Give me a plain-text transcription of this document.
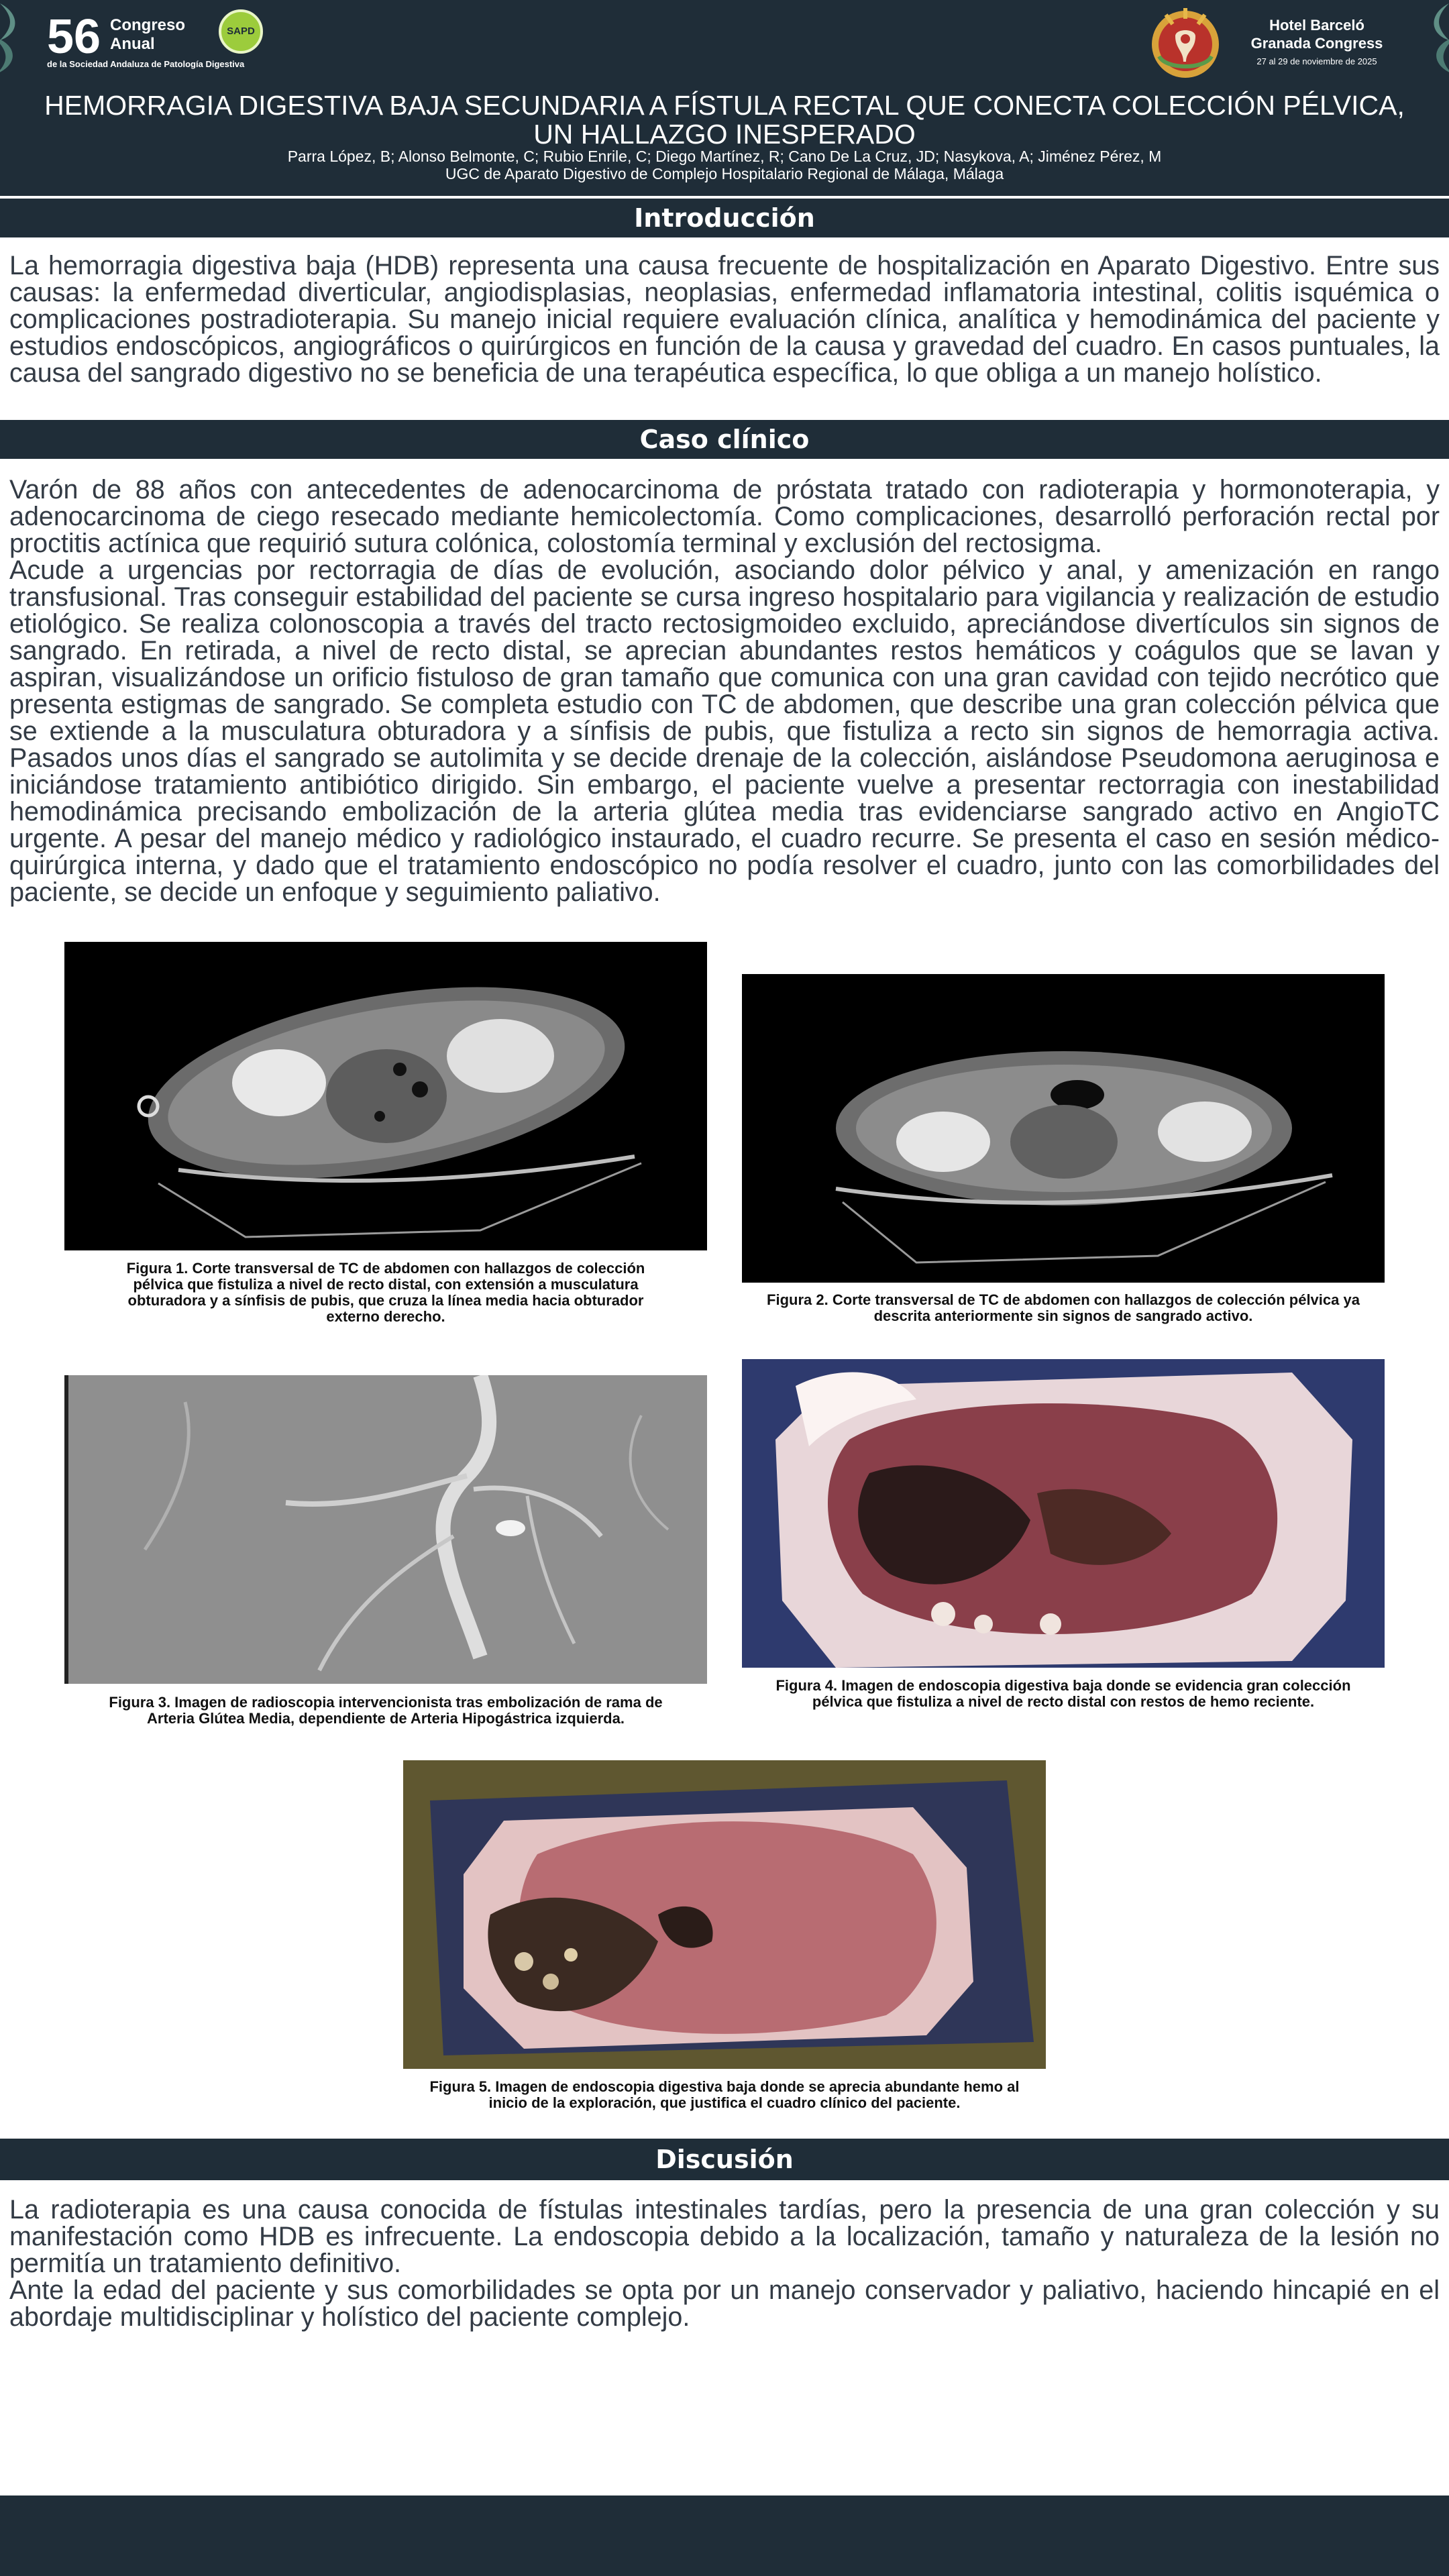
56 Congreso
Anual
de la Sociedad Andaluza de Patología Digestiva
SAPD	Hotel Barceló
Granada Congress
27 al 29 de noviembre de 2025
HEMORRAGIA DIGESTIVA BAJA SECUNDARIA A FÍSTULA RECTAL QUE CONECTA COLECCIÓN PÉLVICA, UN HALLAZGO INESPERADO
Parra López, B; Alonso Belmonte, C; Rubio Enrile, C; Diego Martínez, R; Cano De La Cruz, JD; Nasykova, A; Jiménez Pérez, M
UGC de Aparato Digestivo de Complejo Hospitalario Regional de Málaga, Málaga
Introducción

La hemorragia digestiva baja (HDB) representa una causa frecuente de hospitalización en Aparato Digestivo. Entre sus causas: la enfermedad diverticular, angiodisplasias, neoplasias, enfermedad inflamatoria intestinal, colitis isquémica o complicaciones postradioterapia. Su manejo inicial requiere evaluación clínica, analítica y hemodinámica del paciente y estudios endoscópicos, angiográficos o quirúrgicos en función de la causa y gravedad del cuadro. En casos puntuales, la causa del sangrado digestivo no se beneficia de una terapéutica específica, lo que obliga a un manejo holístico.

Caso clínico

Varón de 88 años con antecedentes de adenocarcinoma de próstata tratado con radioterapia y hormonoterapia, y adenocarcinoma de ciego resecado mediante hemicolectomía. Como complicaciones, desarrolló perforación rectal por proctitis actínica que requirió sutura colónica, colostomía terminal y exclusión del rectosigma.

Acude a urgencias por rectorragia de días de evolución, asociando dolor pélvico y anal, y amenización en rango transfusional. Tras conseguir estabilidad del paciente se cursa ingreso hospitalario para vigilancia y realización de estudio etiológico. Se realiza colonoscopia a través del tracto rectosigmoideo excluido, apreciándose divertículos sin signos de sangrado. En retirada, a nivel de recto distal, se aprecian abundantes restos hemáticos y coágulos que se lavan y aspiran, visualizándose un orificio fistuloso de gran tamaño que comunica con una gran cavidad con tejido necrótico que presenta estigmas de sangrado. Se completa estudio con TC de abdomen, que describe una gran colección pélvica que se extiende a la musculatura obturadora y a sínfisis de pubis, que fistuliza a recto sin signos de hemorragia activa. Pasados unos días el sangrado se autolimita y se decide drenaje de la colección, aislándose Pseudomona aeruginosa e iniciándose tratamiento antibiótico dirigido. Sin embargo, el paciente vuelve a presentar rectorragia con inestabilidad hemodinámica precisando embolización de la arteria glútea media tras evidenciarse sangrado activo en AngioTC urgente. A pesar del manejo médico y radiológico instaurado, el cuadro recurre. Se presenta el caso en sesión médico-quirúrgica interna, y dado que el tratamiento endoscópico no podía resolver el cuadro, junto con las comorbilidades del paciente, se decide un enfoque y seguimiento paliativo.

Figura 1. Corte transversal de TC de abdomen con hallazgos de colección pélvica que fistuliza a nivel de recto distal, con extensión a musculatura obturadora y a sínfisis de pubis, que cruza la línea media hacia obturador externo derecho.
Figura 2. Corte transversal de TC de abdomen con hallazgos de colección pélvica ya descrita anteriormente sin signos de sangrado activo.
Figura 3. Imagen de radioscopia intervencionista tras embolización de rama de Arteria Glútea Media, dependiente de Arteria Hipogástrica izquierda.
Figura 4. Imagen de endoscopia digestiva baja donde se evidencia gran colección pélvica que fistuliza a nivel de recto distal con restos de hemo reciente.
Figura 5. Imagen de endoscopia digestiva baja donde se aprecia abundante hemo al inicio de la exploración, que justifica el cuadro clínico del paciente.
Discusión

La radioterapia es una causa conocida de fístulas intestinales tardías, pero la presencia de una gran colección y su manifestación como HDB es infrecuente. La endoscopia debido a la localización, tamaño y naturaleza de la lesión no permitía un tratamiento definitivo.

Ante la edad del paciente y sus comorbilidades se opta por un manejo conservador y paliativo, haciendo hincapié en el abordaje multidisciplinar y holístico del paciente complejo.
